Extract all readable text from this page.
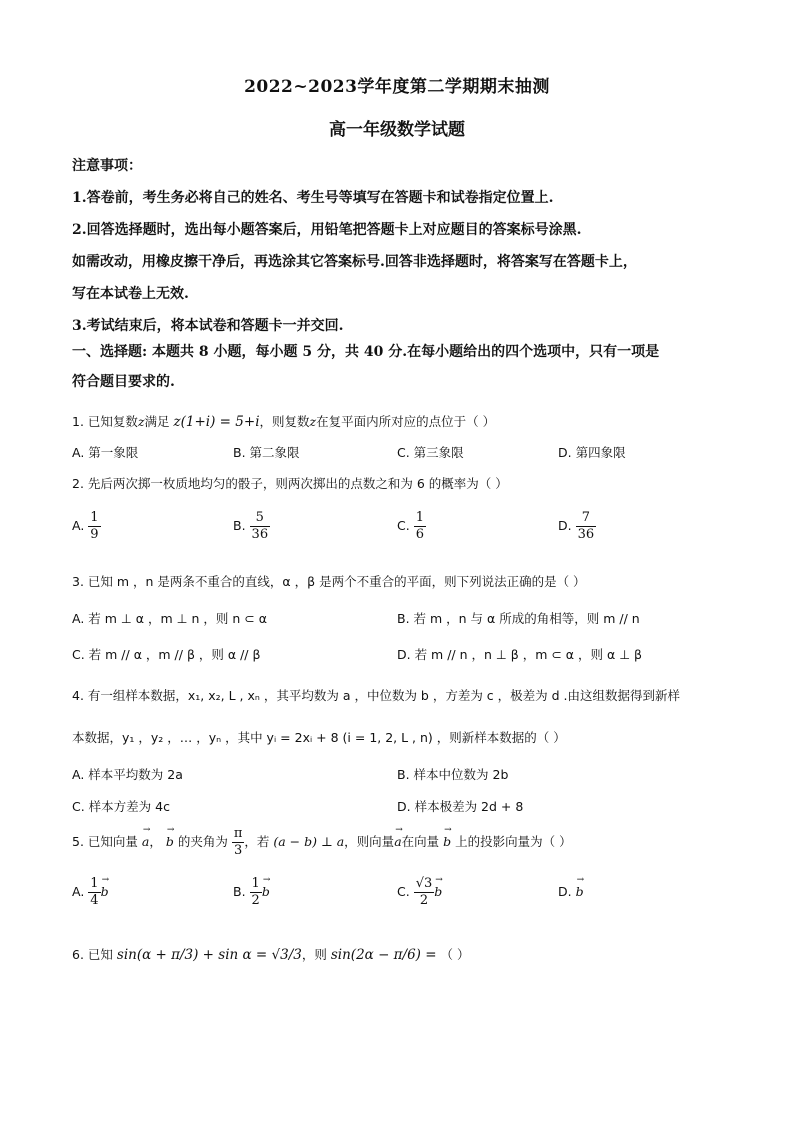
2022~2023学年度第二学期期末抽测
高一年级数学试题
注意事项：
1.答卷前，考生务必将自己的姓名、考生号等填写在答题卡和试卷指定位置上.
2.回答选择题时，选出每小题答案后，用铅笔把答题卡上对应题目的答案标号涂黑.
如需改动，用橡皮擦干净后，再选涂其它答案标号.回答非选择题时，将答案写在答题卡上，
写在本试卷上无效.
3.考试结束后，将本试卷和答题卡一并交回.
一、选择题: 本题共 8 小题，每小题 5 分，共 40 分.在每小题给出的四个选项中，只有一项是
符合题目要求的.
1. 已知复数z满足 z(1+i) = 5+i，则复数z在复平面内所对应的点位于（ ）
A. 第一象限	B. 第二象限	C. 第三象限	D. 第四象限
2. 先后两次掷一枚质地均匀的骰子，则两次掷出的点数之和为 6 的概率为（ ）
A. $\frac{1}{9}$	B. $\frac{5}{36}$	C. $\frac{1}{6}$	D. $\frac{7}{36}$
3. 已知 m ，n 是两条不重合的直线，α ，β 是两个不重合的平面，则下列说法正确的是（ ）
A. 若 m ⊥ α ，m ⊥ n ，则 n ⊂ α	B. 若 m ，n 与 α 所成的角相等，则 m // n
C. 若 m // α ，m // β ，则 α // β	D. 若 m // n ，n ⊥ β ，m ⊂ α ，则 α ⊥ β
4. 有一组样本数据，x₁, x₂, L , xₙ ，其平均数为 a ，中位数为 b ，方差为 c ，极差为 d .由这组数据得到新样
本数据，y₁ ，y₂ ，… ，yₙ ，其中 yᵢ = 2xᵢ + 8 (i = 1, 2, L , n) ，则新样本数据的（ ）
A. 样本平均数为 2a	B. 样本中位数为 2b
C. 样本方差为 4c	D. 样本极差为 2d + 8
5. 已知向量
→
a，
→
b 的夹角为 $\frac{\pi}{3}$ ，若 (a − b) ⊥ a，则向量
→
a在向量
→
b 上的投影向量为（ ）
A. $\frac{1}{4}$ →
b	B. $\frac{1}{2}$ →
b	C. $\frac{√3}{2}$ →
b	D.
→
b
6. 已知 sin(α + π/3) + sin α = √3/3，则 sin(2α − π/6) = （ ）
